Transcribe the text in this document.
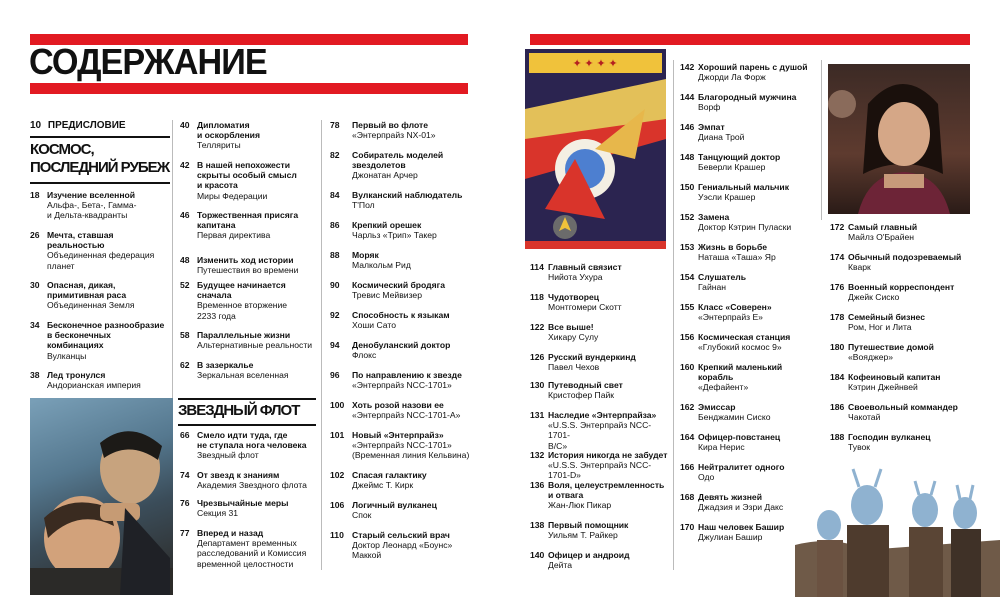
СОДЕРЖАНИЕ
10 ПРЕДИСЛОВИЕ
КОСМОС, ПОСЛЕДНИЙ РУБЕЖ
18 Изучение вселенной
Альфа-, Бета-, Гамма-
и Дельта-квадранты
26 Мечта, ставшая
реальностью
Объединенная федерация
планет
30 Опасная, дикая,
примитивная раса
Объединенная Земля
34 Бесконечное разнообразие
в бесконечных
комбинациях
Вулканцы
38 Лед тронулся
Андорианская империя
40 Дипломатия
и оскорбления
Телляриты
42 В нашей непохожести
скрыты особый смысл
и красота
Миры Федерации
46 Торжественная присяга
капитана
Первая директива
48 Изменить ход истории
Путешествия во времени
52 Будущее начинается
сначала
Временное вторжение
2233 года
58 Параллельные жизни
Альтернативные реальности
62 В зазеркалье
Зеркальная вселенная
66 Смело идти туда, где
не ступала нога человека
Звездный флот
74 От звезд к знаниям
Академия Звездного флота
76 Чрезвычайные меры
Секция 31
77 Вперед и назад
Департамент временных
расследований и Комиссия
временной целостности
78 Первый во флоте
«Энтерпрайз NX-01»
82 Собиратель моделей
звездолетов
Джонатан Арчер
84 Вулканский наблюдатель
Т'Пол
86 Крепкий орешек
Чарльз «Трип» Такер
88 Моряк
Малкольм Рид
90 Космический бродяга
Тревис Мейвизер
92 Способность к языкам
Хоши Сато
94 Денобуланский доктор
Флокс
96 По направлению к звезде
«Энтерпрайз NCC-1701»
100 Хоть розой назови ее
«Энтерпрайз NCC-1701-A»
101 Новый «Энтерпрайз»
«Энтерпрайз NCC-1701»
(Временная линия Кельвина)
102 Спасая галактику
Джеймс Т. Кирк
106 Логичный вулканец
Спок
110 Старый сельский врач
Доктор Леонард «Боунс»
Маккой
114 Главный связист
Нийота Ухура
118 Чудотворец
Монтгомери Скотт
122 Все выше!
Хикару Сулу
126 Русский вундеркинд
Павел Чехов
130 Путеводный свет
Кристофер Пайк
131 Наследие «Энтерпрайза»
«U.S.S. Энтерпрайз NCC-1701-
B/C»
132 История никогда не забудет
«U.S.S. Энтерпрайз NCC-1701-D»
136 Воля, целеустремленность
и отвага
Жан-Люк Пикар
138 Первый помощник
Уильям Т. Райкер
140 Офицер и андроид
Дейта
142 Хороший парень с душой
Джорди Ла Форж
144 Благородный мужчина
Ворф
146 Эмпат
Диана Трой
148 Танцующий доктор
Беверли Крашер
150 Гениальный мальчик
Уэсли Крашер
152 Замена
Доктор Кэтрин Пуласки
153 Жизнь в борьбе
Наташа «Таша» Яр
154 Слушатель
Гайнан
155 Класс «Соверен»
«Энтерпрайз E»
156 Космическая станция
«Глубокий космос 9»
160 Крепкий маленький
корабль
«Дефайент»
162 Эмиссар
Бенджамин Сиско
164 Офицер-повстанец
Кира Нерис
166 Нейтралитет одного
Одо
168 Девять жизней
Джадзия и Эзри Дакс
170 Наш человек Башир
Джулиан Башир
172 Самый главный
Майлз О'Брайен
174 Обычный подозреваемый
Кварк
176 Военный корреспондент
Джейк Сиско
178 Семейный бизнес
Ром, Ног и Лита
180 Путешествие домой
«Вояджер»
184 Кофеиновый капитан
Кэтрин Джейнвей
186 Своевольный коммандер
Чакотай
188 Господин вулканец
Тувок
ЗВЕЗДНЫЙ ФЛОТ
✦ ✦ ✦ ✦
